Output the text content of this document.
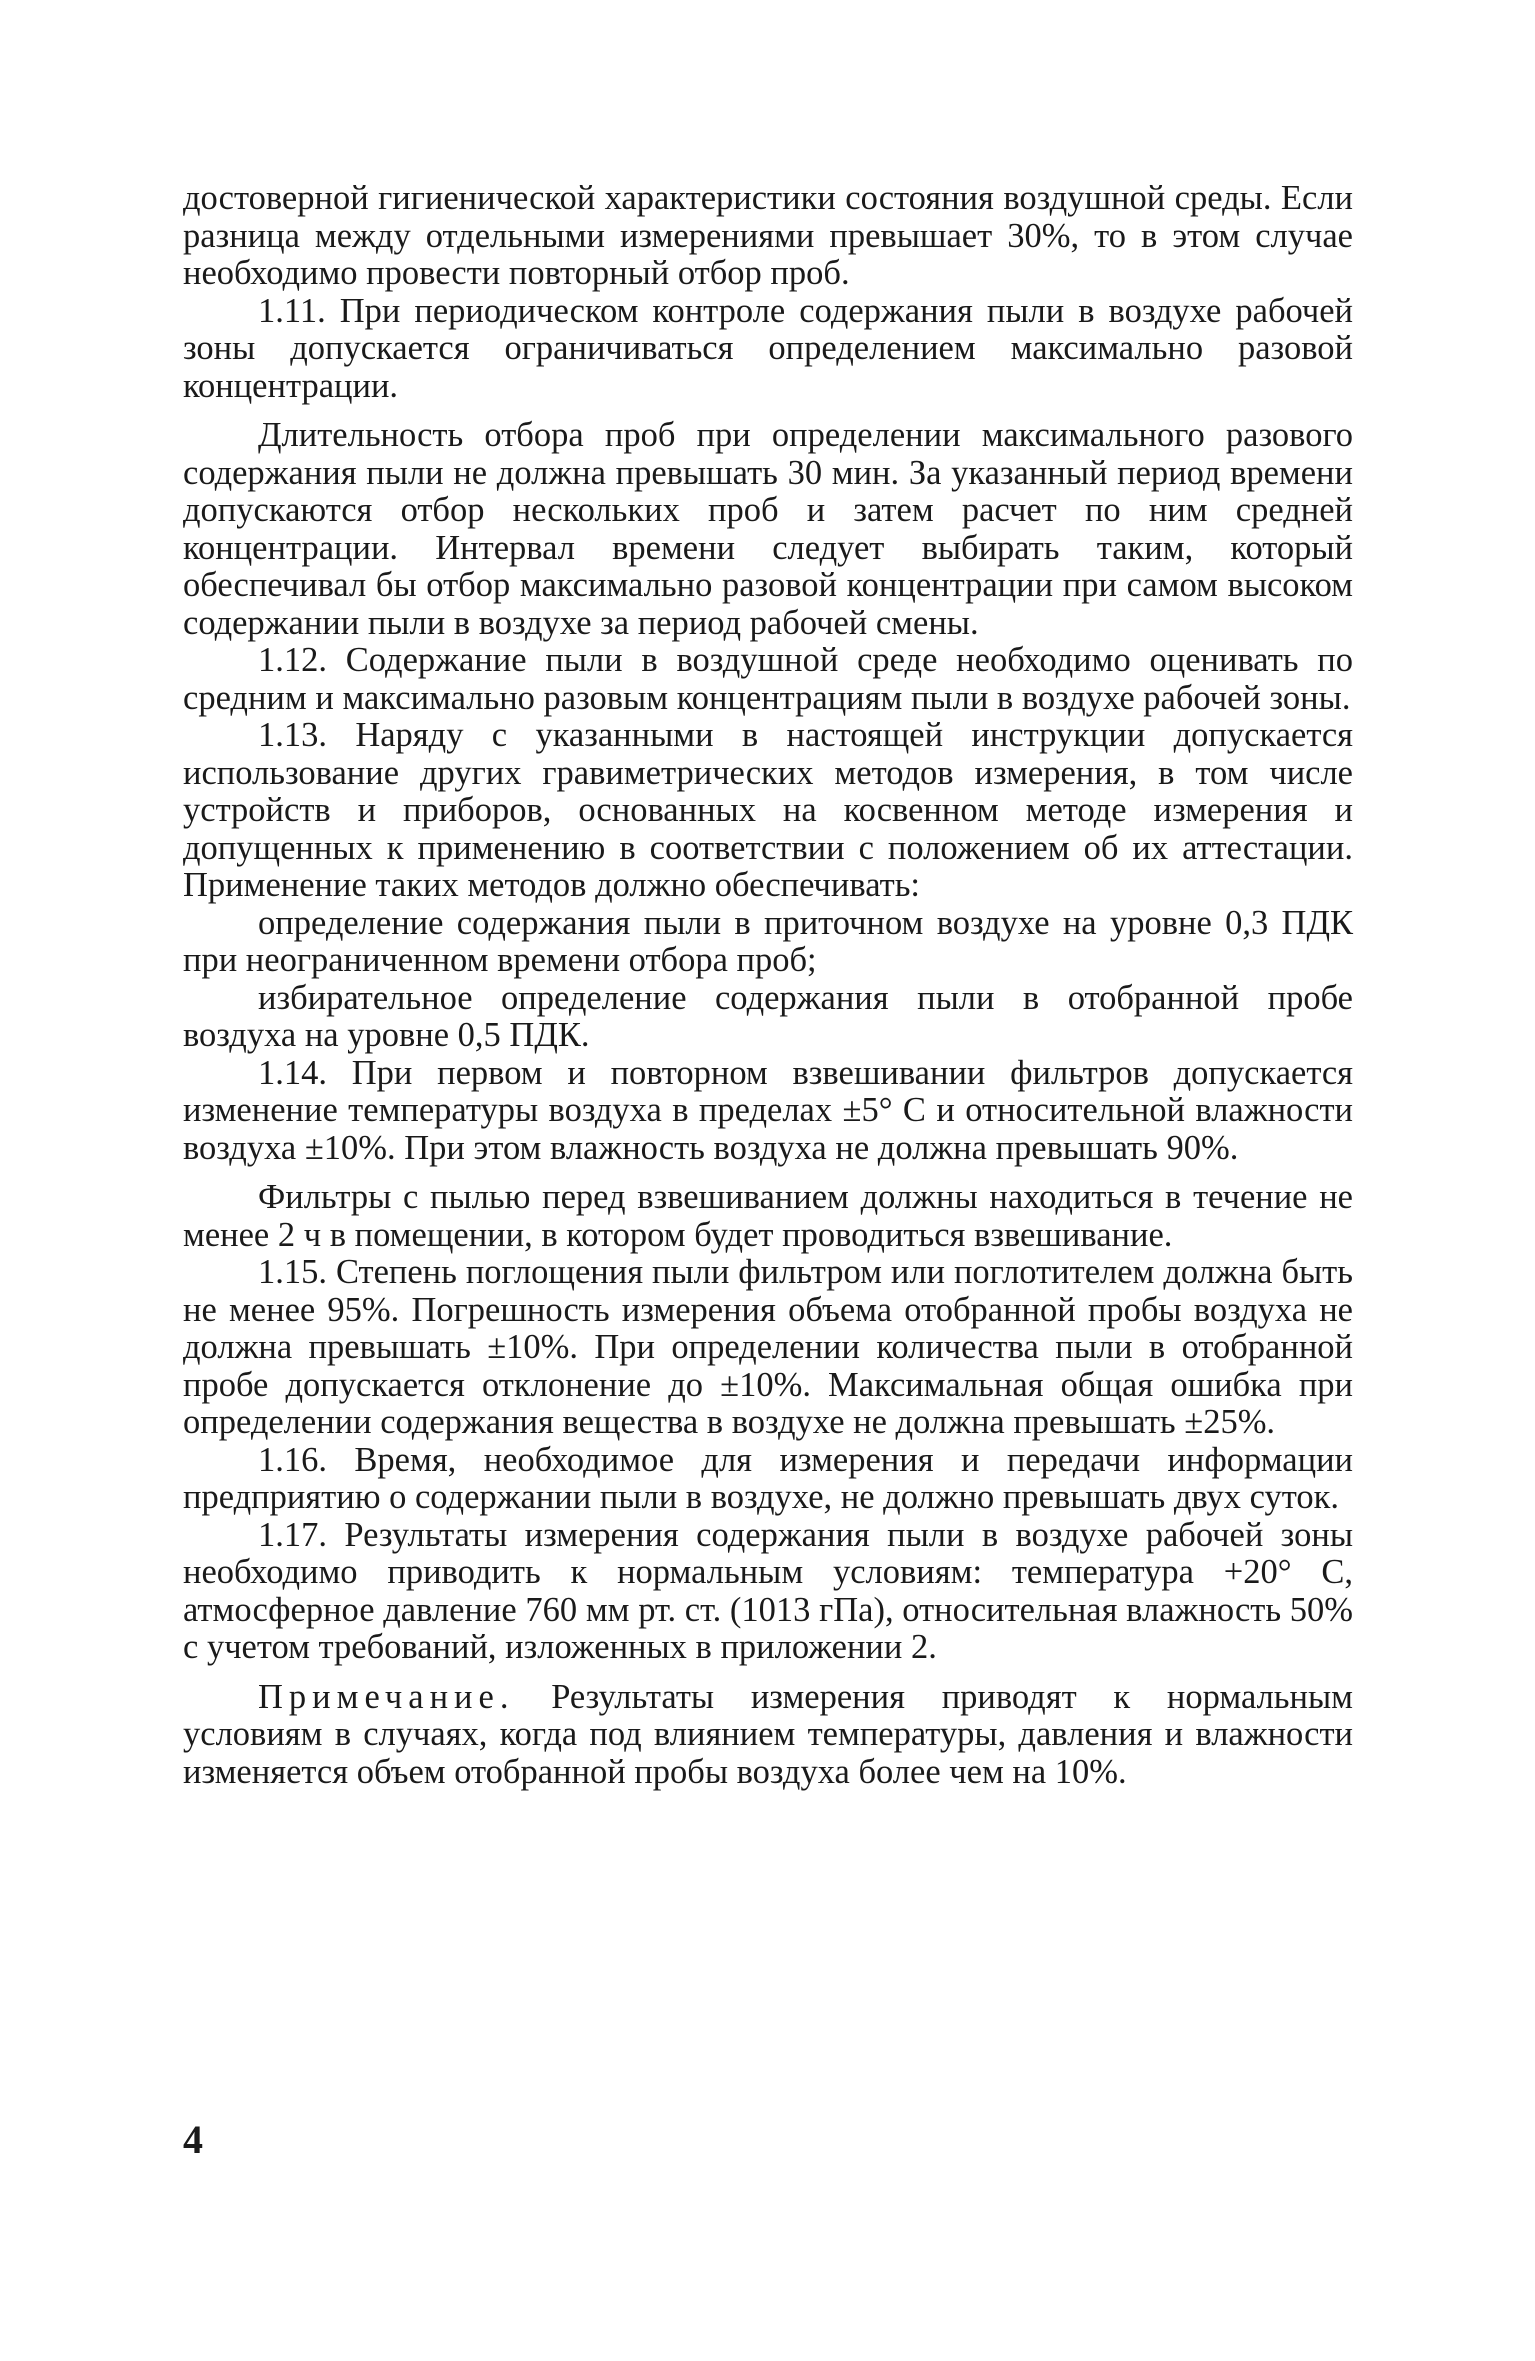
достоверной гигиенической характеристики состояния воздушной среды. Если разница между отдельными измерениями превышает 30%, то в этом случае необходимо провести повторный отбор проб.

1.11. При периодическом контроле содержания пыли в воздухе рабочей зоны допускается ограничиваться определением максимально разовой концентрации.

Длительность отбора проб при определении максимального разового содержания пыли не должна превышать 30 мин. За указанный период времени допускаются отбор нескольких проб и затем расчет по ним средней концентрации. Интервал времени следует выбирать таким, который обеспечивал бы отбор максимально разовой концентрации при самом высоком содержании пыли в воздухе за период рабочей смены.

1.12. Содержание пыли в воздушной среде необходимо оценивать по средним и максимально разовым концентрациям пыли в воздухе рабочей зоны.

1.13. Наряду с указанными в настоящей инструкции допускается использование других гравиметрических методов измерения, в том числе устройств и приборов, основанных на косвенном методе измерения и допущенных к применению в соответствии с положением об их аттестации. Применение таких методов должно обеспечивать:

определение содержания пыли в приточном воздухе на уровне 0,3 ПДК при неограниченном времени отбора проб;

избирательное определение содержания пыли в отобранной пробе воздуха на уровне 0,5 ПДК.

1.14. При первом и повторном взвешивании фильтров допускается изменение температуры воздуха в пределах ±5° С и относительной влажности воздуха ±10%. При этом влажность воздуха не должна превышать 90%.

Фильтры с пылью перед взвешиванием должны находиться в течение не менее 2 ч в помещении, в котором будет проводиться взвешивание.

1.15. Степень поглощения пыли фильтром или поглотителем должна быть не менее 95%. Погрешность измерения объема отобранной пробы воздуха не должна превышать ±10%. При определении количества пыли в отобранной пробе допускается отклонение до ±10%. Максимальная общая ошибка при определении содержания вещества в воздухе не должна превышать ±25%.

1.16. Время, необходимое для измерения и передачи информации предприятию о содержании пыли в воздухе, не должно превышать двух суток.

1.17. Результаты измерения содержания пыли в воздухе рабочей зоны необходимо приводить к нормальным условиям: температура +20° С, атмосферное давление 760 мм рт. ст. (1013 гПа), относительная влажность 50% с учетом требований, изложенных в приложении 2.

Примечание. Результаты измерения приводят к нормальным условиям в случаях, когда под влиянием температуры, давления и влажности изменяется объем отобранной пробы воздуха более чем на 10%.

4
